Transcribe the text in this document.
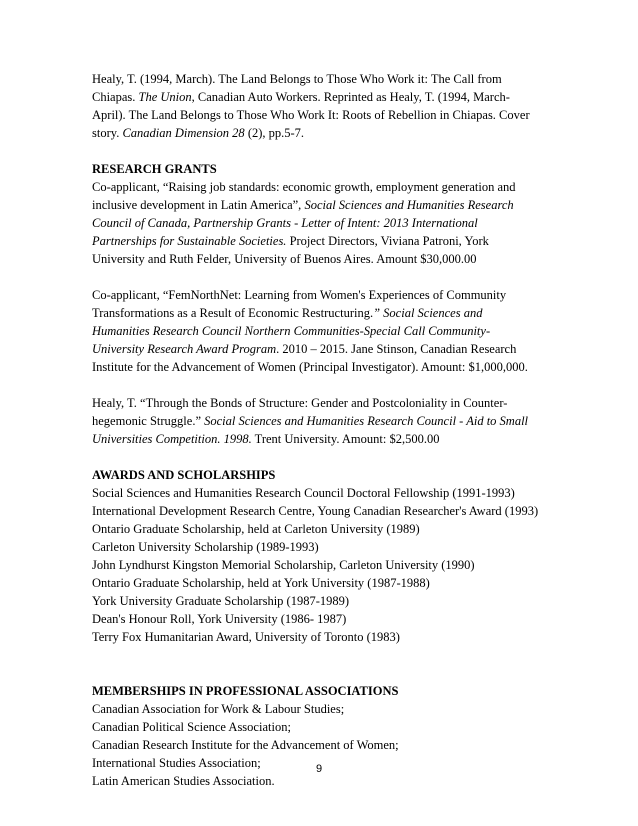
Healy, T. (1994, March). The Land Belongs to Those Who Work it: The Call from
Chiapas. The Union, Canadian Auto Workers. Reprinted as Healy, T. (1994, March-
April). The Land Belongs to Those Who Work It: Roots of Rebellion in Chiapas. Cover
story. Canadian Dimension 28 (2), pp.5-7.
RESEARCH GRANTS
Co-applicant, “Raising job standards: economic growth, employment generation and
inclusive development in Latin America”, Social Sciences and Humanities Research
Council of Canada, Partnership Grants - Letter of Intent: 2013 International
Partnerships for Sustainable Societies. Project Directors, Viviana Patroni, York
University and Ruth Felder, University of Buenos Aires. Amount $30,000.00
Co-applicant, “FemNorthNet: Learning from Women's Experiences of Community
Transformations as a Result of Economic Restructuring.” Social Sciences and
Humanities Research Council Northern Communities-Special Call Community-
University Research Award Program. 2010 – 2015. Jane Stinson, Canadian Research
Institute for the Advancement of Women (Principal Investigator). Amount: $1,000,000.
Healy, T. “Through the Bonds of Structure: Gender and Postcoloniality in Counter-
hegemonic Struggle.” Social Sciences and Humanities Research Council - Aid to Small
Universities Competition. 1998. Trent University. Amount: $2,500.00
AWARDS AND SCHOLARSHIPS
Social Sciences and Humanities Research Council Doctoral Fellowship (1991-1993)
International Development Research Centre, Young Canadian Researcher's Award (1993)
Ontario Graduate Scholarship, held at Carleton University (1989)
Carleton University Scholarship (1989-1993)
John Lyndhurst Kingston Memorial Scholarship, Carleton University (1990)
Ontario Graduate Scholarship, held at York University (1987-1988)
York University Graduate Scholarship (1987-1989)
Dean's Honour Roll, York University (1986- 1987)
Terry Fox Humanitarian Award, University of Toronto (1983)
MEMBERSHIPS IN PROFESSIONAL ASSOCIATIONS
Canadian Association for Work & Labour Studies;
Canadian Political Science Association;
Canadian Research Institute for the Advancement of Women;
International Studies Association;
Latin American Studies Association.
9
